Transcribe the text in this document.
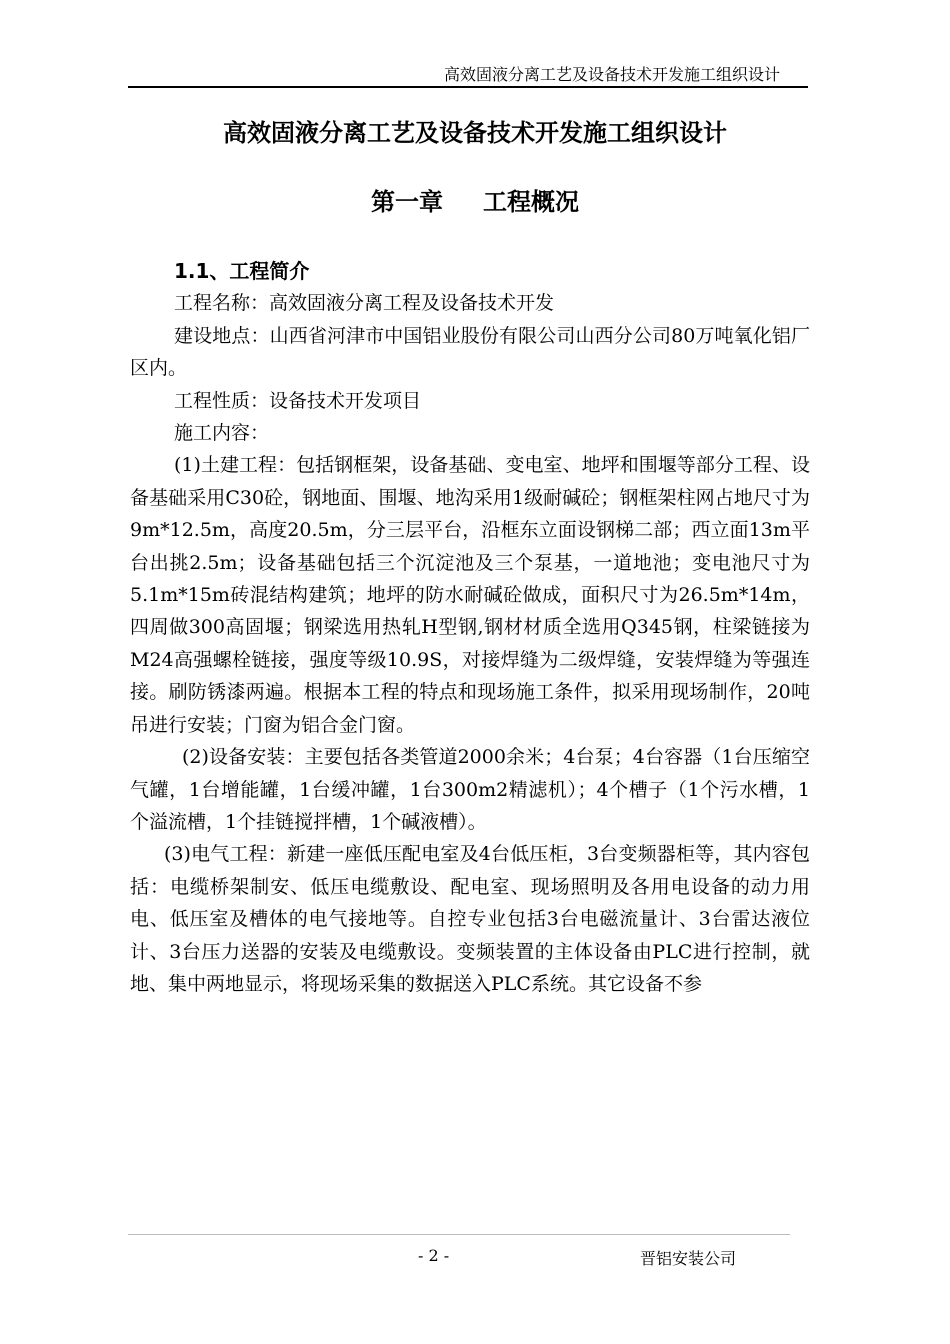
高效固液分离工艺及设备技术开发施工组织设计
高效固液分离工艺及设备技术开发施工组织设计
第一章 工程概况

1.1、工程简介

工程名称：高效固液分离工程及设备技术开发

建设地点：山西省河津市中国铝业股份有限公司山西分公司80万吨氧化铝厂区内。

工程性质：设备技术开发项目

施工内容：

(1)土建工程：包括钢框架，设备基础、变电室、地坪和围堰等部分工程、设备基础采用C30砼，钢地面、围堰、地沟采用1级耐碱砼；钢框架柱网占地尺寸为9m*12.5m，高度20.5m，分三层平台，沿框东立面设钢梯二部；西立面13m平台出挑2.5m；设备基础包括三个沉淀池及三个泵基，一道地池；变电池尺寸为5.1m*15m砖混结构建筑；地坪的防水耐碱砼做成，面积尺寸为26.5m*14m，四周做300高固堰；钢梁选用热轧H型钢,钢材材质全选用Q345钢，柱梁链接为M24高强螺栓链接，强度等级10.9S，对接焊缝为二级焊缝，安装焊缝为等强连接。刷防锈漆两遍。根据本工程的特点和现场施工条件，拟采用现场制作，20吨吊进行安装；门窗为铝合金门窗。

(2)设备安装：主要包括各类管道2000余米；4台泵；4台容器（1台压缩空气罐，1台增能罐，1台缓冲罐，1台300m2精滤机）；4个槽子（1个污水槽，1个溢流槽，1个挂链搅拌槽，1个碱液槽）。

(3)电气工程：新建一座低压配电室及4台低压柜，3台变频器柜等，其内容包括：电缆桥架制安、低压电缆敷设、配电室、现场照明及各用电设备的动力用电、低压室及槽体的电气接地等。自控专业包括3台电磁流量计、3台雷达液位计、3台压力送器的安装及电缆敷设。变频装置的主体设备由PLC进行控制，就地、集中两地显示，将现场采集的数据送入PLC系统。其它设备不参

- 2 -	晋铝安装公司
